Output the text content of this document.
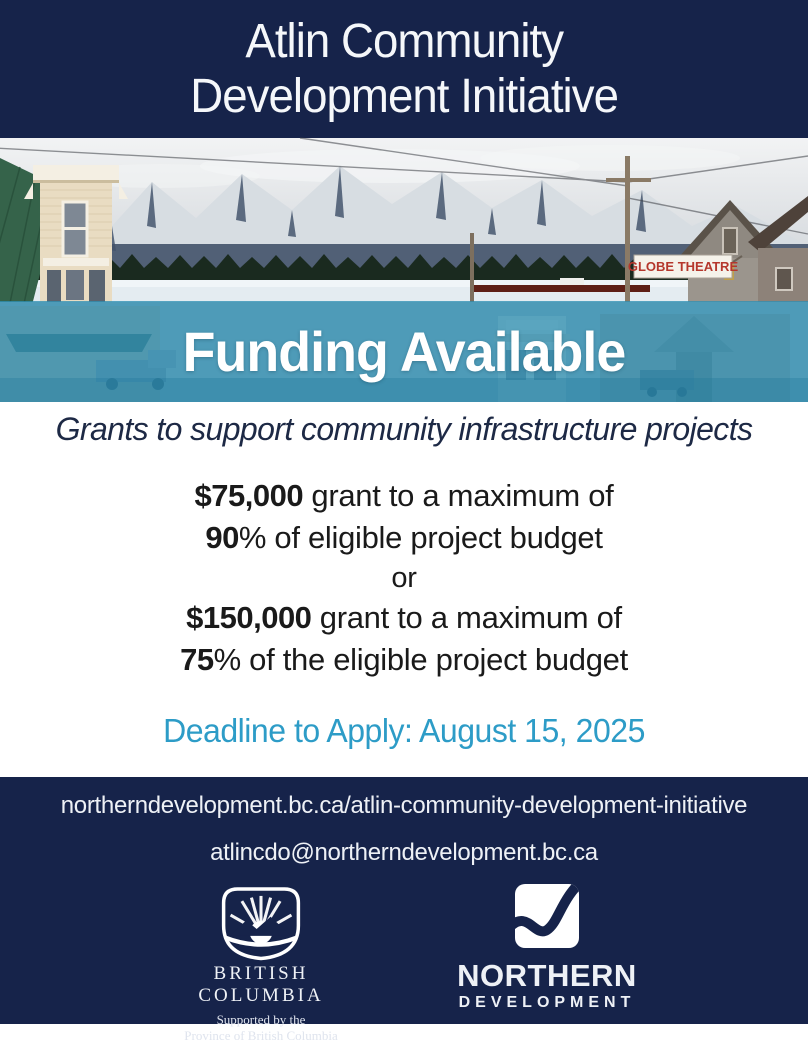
Atlin Community
Development Initiative
GLOBE THEATRE
Funding Available

Grants to support community infrastructure projects

$75,000 grant to a maximum of
90% of eligible project budget
or
$150,000 grant to a maximum of
75% of the eligible project budget

Deadline to Apply: August 15, 2025

northerndevelopment.bc.ca/atlin-community-development-initiative
atlincdo@northerndevelopment.bc.ca
BRITISH
COLUMBIA
Supported by the
Province of British Columbia
NORTHERN
DEVELOPMENT
